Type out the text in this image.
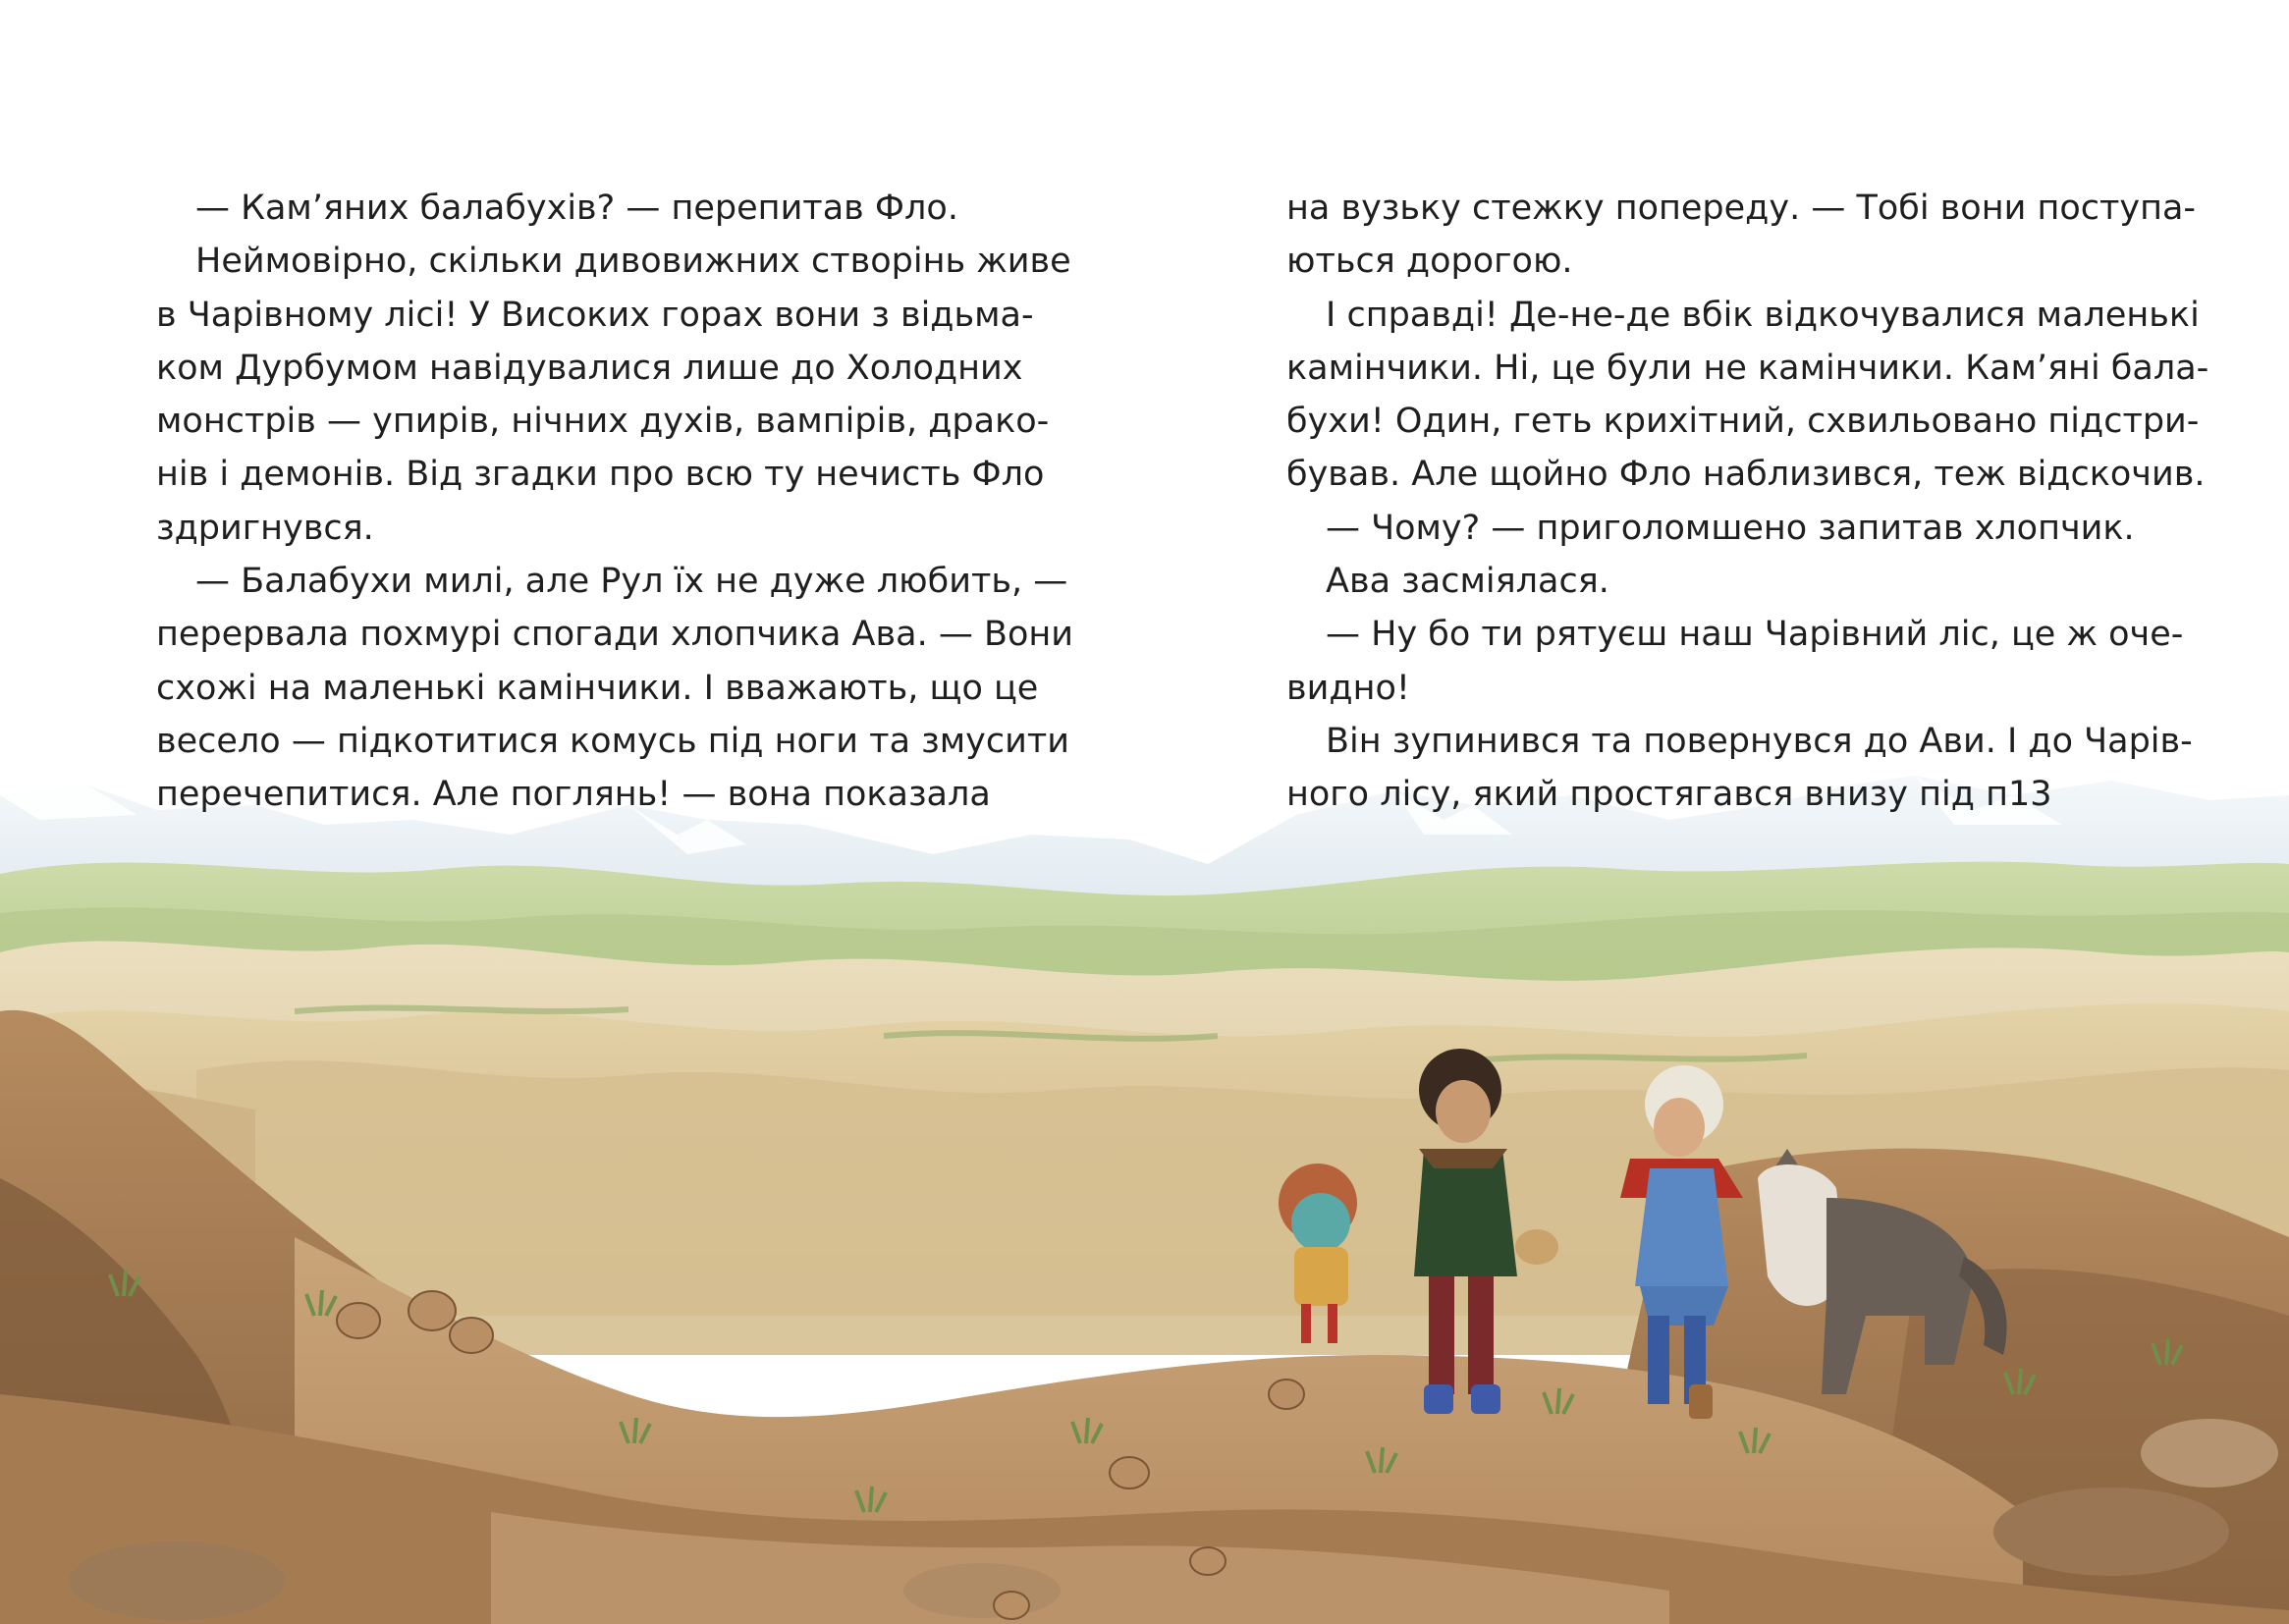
— Кам’яних балабухів? — перепитав Фло.
Неймовірно, скільки дивовижних створінь живе
в Чарівному лісі! У Високих горах вони з відьма-
ком Дурбумом навідувалися лише до Холодних
монстрів — упирів, нічних духів, вампірів, драко-
нів і демонів. Від згадки про всю ту нечисть Фло
здригнувся.
— Балабухи милі, але Рул їх не дуже любить, —
перервала похмурі спогади хлопчика Ава. — Вони
схожі на маленькі камінчики. І вважають, що це
весело — підкотитися комусь під ноги та змусити
перечепитися. Але поглянь! — вона показала
на вузьку стежку попереду. — Тобі вони поступа-
ються дорогою.
І справді! Де-не-де вбік відкочувалися маленькі
камінчики. Ні, це були не камінчики. Кам’яні бала-
бухи! Один, геть крихітний, схвильовано підстри-
бував. Але щойно Фло наблизився, теж відскочив.
— Чому? — приголомшено запитав хлопчик.
Ава засміялася.
— Ну бо ти рятуєш наш Чарівний ліс, це ж оче-
видно!
Він зупинився та повернувся до Ави. І до Чарів-
ного лісу, який простягався внизу під п13
